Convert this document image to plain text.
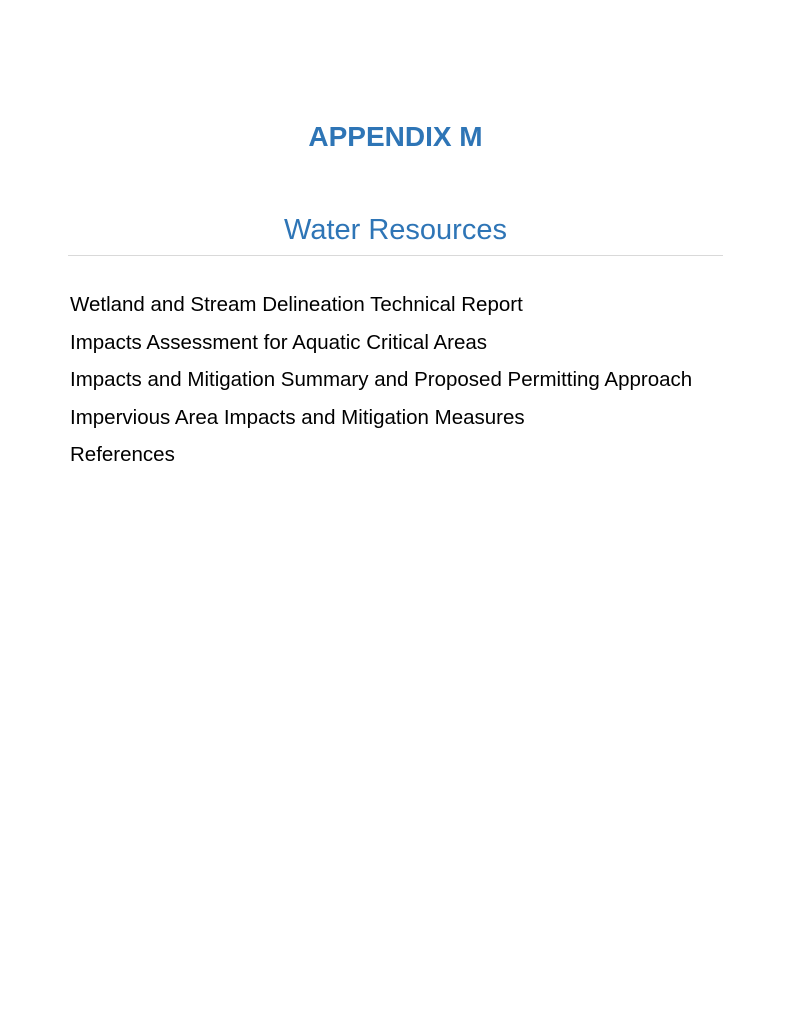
APPENDIX M
Water Resources
Wetland and Stream Delineation Technical Report
Impacts Assessment for Aquatic Critical Areas
Impacts and Mitigation Summary and Proposed Permitting Approach
Impervious Area Impacts and Mitigation Measures
References
